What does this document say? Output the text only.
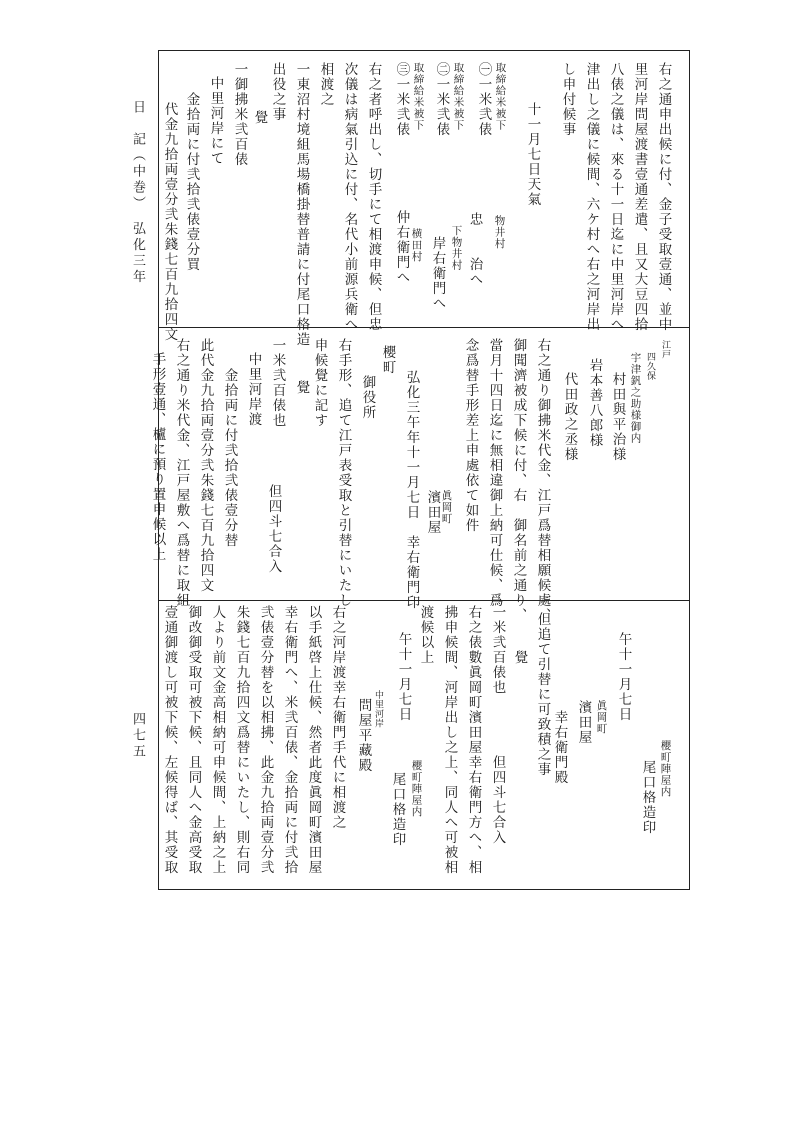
日　記（中巻）　弘化三年
四七五
右之通申出候に付、金子受取壹通、並中
里河岸問屋渡書壹通差遣、且又大豆四拾
八俵之儀は、來る十一日迄に中里河岸へ
津出し之儀に候間、六ケ村へ右之河岸出
し申付候事
十一月七日天氣
取締給米被下
㊀一米弐俵
物井村
忠　　治へ
取締給米被下
㊁一米弐俵
下物井村
岸右衛門へ
取締給米被下
㊂一米弐俵
横田村
仲右衛門へ
右之者呼出し、切手にて相渡申候、但忠
次儀は病氣引込に付、名代小前源兵衛へ
相渡之
一東沼村境組馬場橋掛替普請に付尾口格造
出役之事
覺
一御拂米弐百俵
中里河岸にて
金拾両に付弐拾弐俵壹分買
代金九拾両壹分弐朱錢七百九拾四文
江戸
四久保
宇津釩之助様御内
村田與平治様
岩本善八郎様
代田政之丞様
右之通り御拂米代金、江戸爲替相願候處、
御聞濟被成下候に付、右　御名前之通り、
當月十四日迄に無相違御上納可仕候、爲
念爲替手形差上申處依て如件
眞岡町
濱田屋
弘化三午年十一月七日　幸右衛門印
櫻町
御役所
右手形、追て江戸表受取と引替にいたし
申候覺に記す
覺
一米弐百俵也
但四斗七合入
中里河岸渡
金拾両に付弐拾弐俵壹分替
此代金九拾両壹分弐朱錢七百九拾四文
右之通り米代金、江戸屋敷へ爲替に取組
手形壹通、櫨に預り置申候以上
櫻町陣屋内
尾口格造印
午十一月七日
眞岡町
濱田屋
幸右衛門殿
但追て引替に可致積之事
覺
一米弐百俵也
但四斗七合入
右之俵數眞岡町濱田屋幸右衛門方へ、相
拂申候間、河岸出し之上、同人へ可被相
渡候以上
櫻町陣屋内
午十一月七日
尾口格造印
中里河岸
問屋平藏殿
右之河岸渡幸右衛門手代に相渡之
以手紙啓上仕候、然者此度眞岡町濱田屋
幸右衛門へ、米弐百俵、金拾両に付弐拾
弐俵壹分替を以相拂、此金九拾両壹分弐
朱錢七百九拾四文爲替にいたし、則右同
人より前文金高相納可申候間、上納之上
御改御受取可被下候、且同人へ金高受取
壹通御渡し可被下候、左候得ば、其受取
